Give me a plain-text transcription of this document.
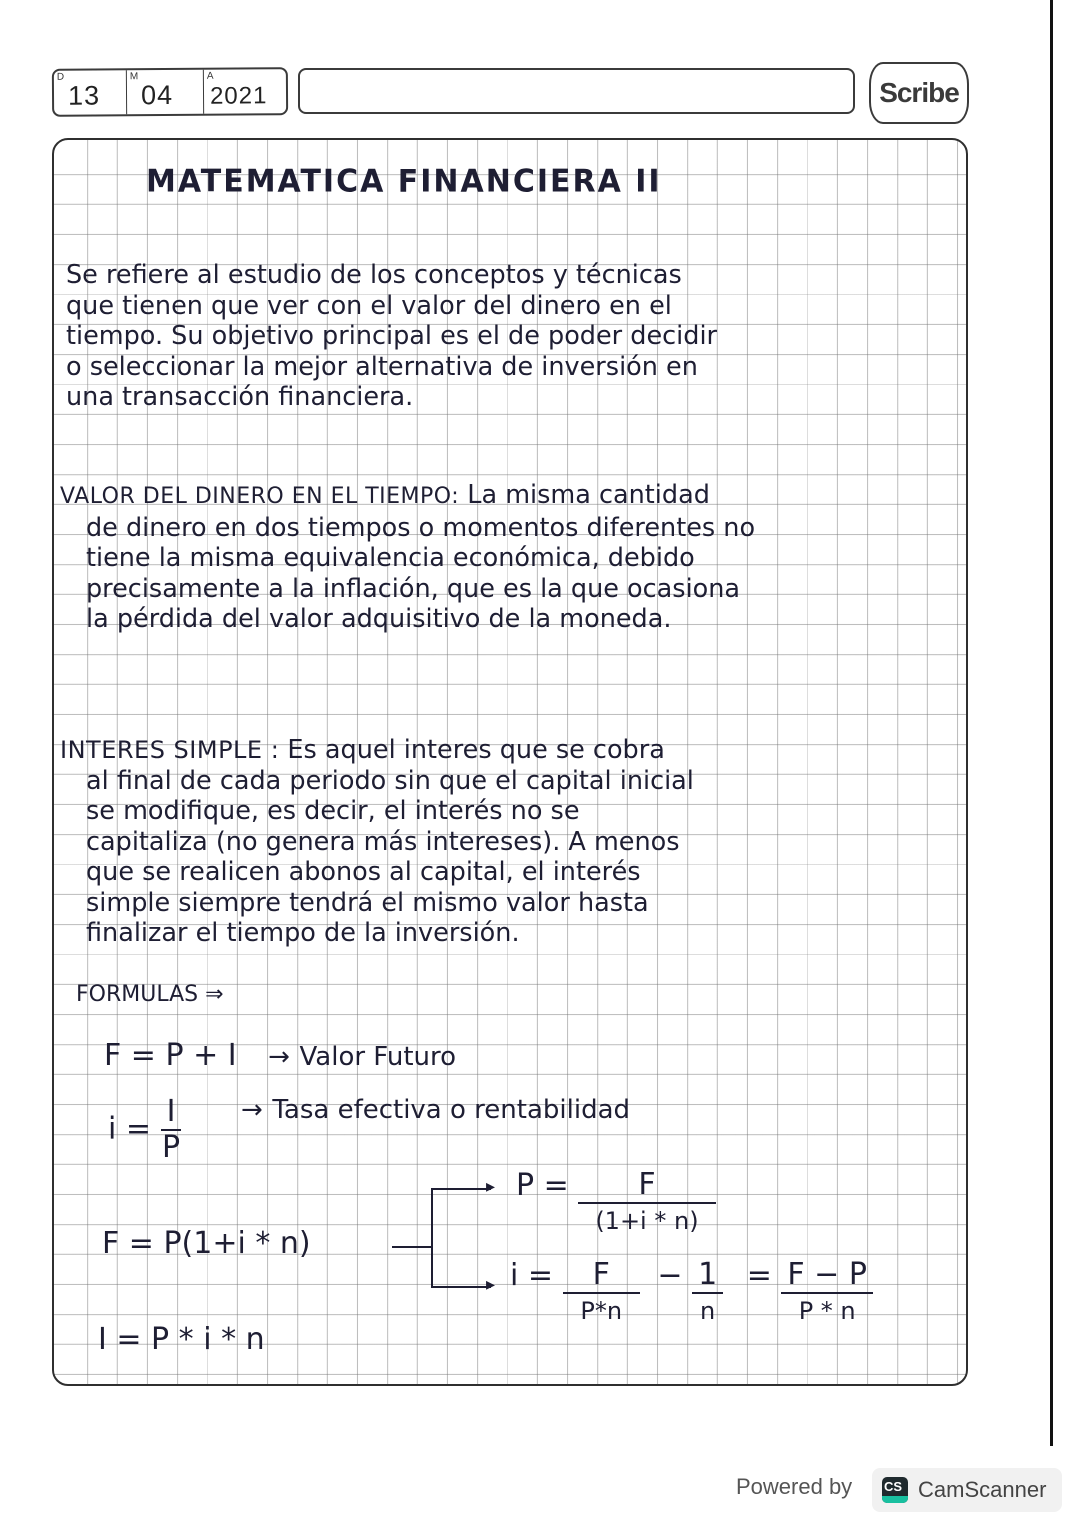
D
13
M
04
A
2021	Scribe
MATEMATICA FINANCIERA II
Se refiere al estudio de los conceptos y técnicas
que tienen que ver con el valor del dinero en el
tiempo. Su objetivo principal es el de poder decidir
o seleccionar la mejor alternativa de inversión en
una transacción financiera.
VALOR DEL DINERO EN EL TIEMPO: La misma cantidad
de dinero en dos tiempos o momentos diferentes no
tiene la misma equivalencia económica, debido
precisamente a la inflación, que es la que ocasiona
la pérdida del valor adquisitivo de la moneda.
INTERES SIMPLE : Es aquel interes que se cobra
al final de cada periodo sin que el capital inicial
se modifique, es decir, el interés no se
capitaliza (no genera más intereses). A menos
que se realicen abonos al capital, el interés
simple siempre tendrá el mismo valor hasta
finalizar el tiempo de la inversión.
FORMULAS ⇒
F = P + I → Valor Futuro
$i = \frac{I}{P}$ → Tasa efectiva o rentabilidad
F = P(1+i * n)
▸
▸
$P = \frac{F}{(1+i * n)}$
$i = \frac{F}{P*n} - \frac{1}{n} = \frac{F - P}{P * n}$
I = P * i * n
Powered by CS CamScanner
